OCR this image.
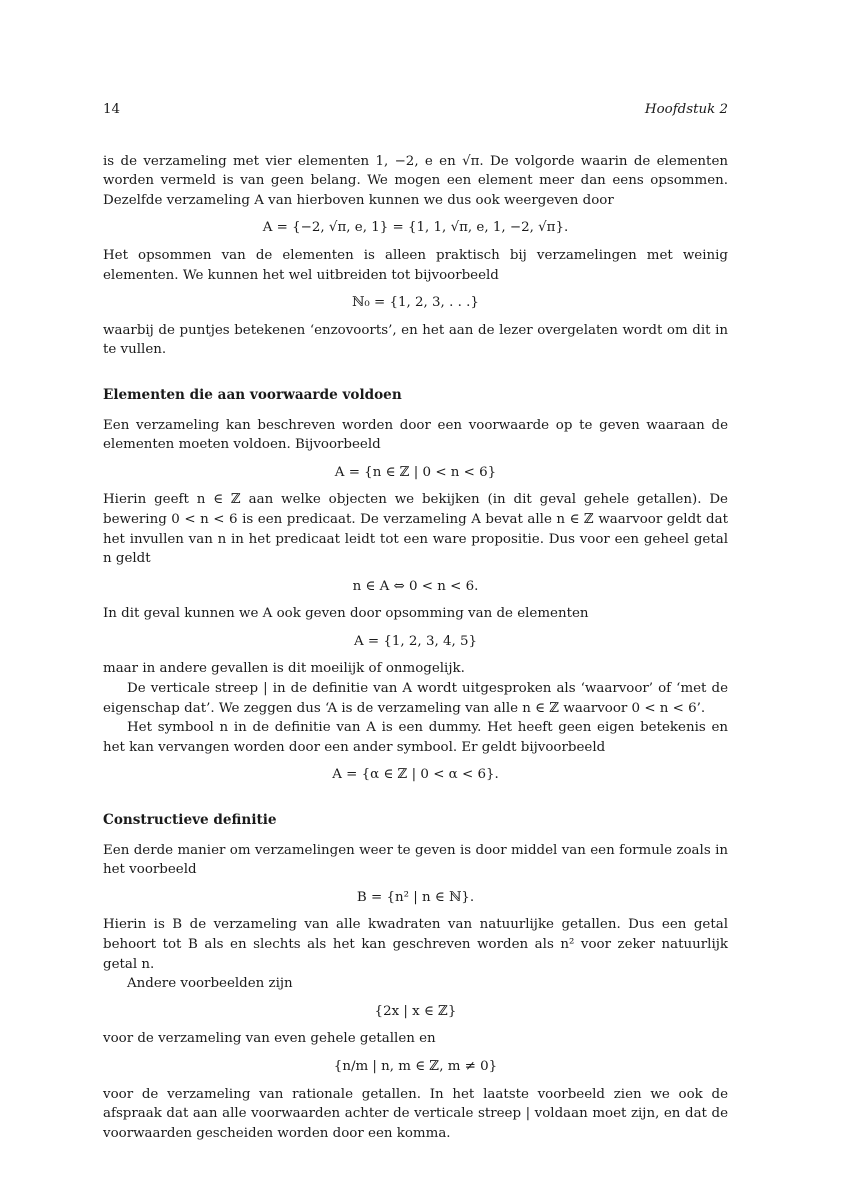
14	Hoofdstuk 2

is de verzameling met vier elementen 1, −2, e en √π. De volgorde waarin de elementen worden vermeld is van geen belang. We mogen een element meer dan eens opsommen. Dezelfde verzameling A van hierboven kunnen we dus ook weergeven door

A = {−2, √π, e, 1} = {1, 1, √π, e, 1, −2, √π}.

Het opsommen van de elementen is alleen praktisch bij verzamelingen met weinig elementen. We kunnen het wel uitbreiden tot bijvoorbeeld

ℕ₀ = {1, 2, 3, . . .}

waarbij de puntjes betekenen ‘enzovoorts’, en het aan de lezer overgelaten wordt om dit in te vullen.

Elementen die aan voorwaarde voldoen

Een verzameling kan beschreven worden door een voorwaarde op te geven waaraan de elementen moeten voldoen. Bijvoorbeeld

A = {n ∈ ℤ | 0 < n < 6}

Hierin geeft n ∈ ℤ aan welke objecten we bekijken (in dit geval gehele getallen). De bewering 0 < n < 6 is een predicaat. De verzameling A bevat alle n ∈ ℤ waarvoor geldt dat het invullen van n in het predicaat leidt tot een ware propositie. Dus voor een geheel getal n geldt

n ∈ A ⇔ 0 < n < 6.

In dit geval kunnen we A ook geven door opsomming van de elementen

A = {1, 2, 3, 4, 5}

maar in andere gevallen is dit moeilijk of onmogelijk.

De verticale streep | in de definitie van A wordt uitgesproken als ‘waarvoor’ of ‘met de eigenschap dat’. We zeggen dus ‘A is de verzameling van alle n ∈ ℤ waarvoor 0 < n < 6’.

Het symbool n in de definitie van A is een dummy. Het heeft geen eigen betekenis en het kan vervangen worden door een ander symbool. Er geldt bijvoorbeeld

A = {α ∈ ℤ | 0 < α < 6}.
Constructieve definitie

Een derde manier om verzamelingen weer te geven is door middel van een formule zoals in het voorbeeld

B = {n² | n ∈ ℕ}.

Hierin is B de verzameling van alle kwadraten van natuurlijke getallen. Dus een getal behoort tot B als en slechts als het kan geschreven worden als n² voor zeker natuurlijk getal n.

Andere voorbeelden zijn

{2x | x ∈ ℤ}

voor de verzameling van even gehele getallen en

{n/m | n, m ∈ ℤ, m ≠ 0}

voor de verzameling van rationale getallen. In het laatste voorbeeld zien we ook de afspraak dat aan alle voorwaarden achter de verticale streep | voldaan moet zijn, en dat de voorwaarden gescheiden worden door een komma.
